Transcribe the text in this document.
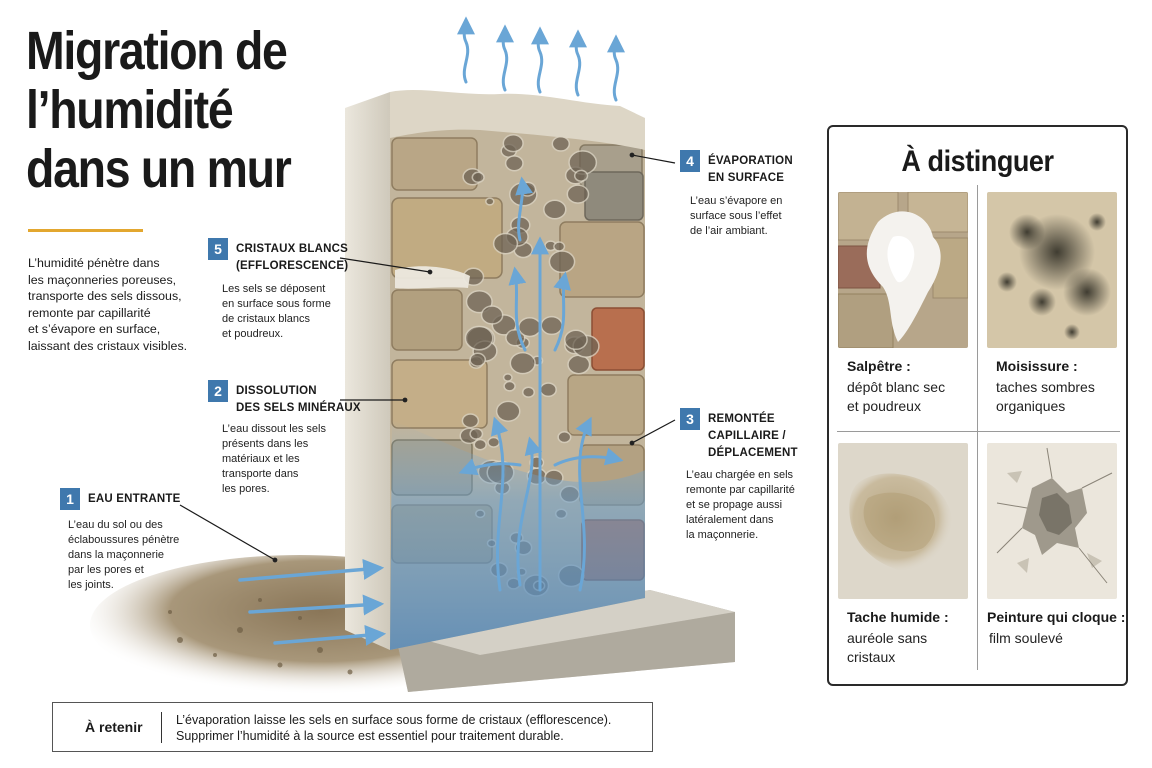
Migration de
l’humidité
dans un mur
L’humidité pénètre dans
les maçonneries poreuses,
transporte des sels dissous,
remonte par capillarité
et s’évapore en surface,
laissant des cristaux visibles.
1	EAU ENTRANTE
L’eau du sol ou des
éclaboussures pénètre
dans la maçonnerie
par les pores et
les joints.
2	DISSOLUTION
DES SELS MINÉRAUX
L’eau dissout les sels
présents dans les
matériaux et les
transporte dans
les pores.
3	REMONTÉE
CAPILLAIRE /
DÉPLACEMENT
L’eau chargée en sels
remonte par capillarité
et se propage aussi
latéralement dans
la maçonnerie.
4	ÉVAPORATION
EN SURFACE
L’eau s’évapore en
surface sous l’effet
de l’air ambiant.
5	CRISTAUX BLANCS
(EFFLORESCENCE)
Les sels se déposent
en surface sous forme
de cristaux blancs
et poudreux.
À distinguer
Salpêtre :
dépôt blanc sec
et poudreux
Moisissure :
taches sombres
organiques
Tache humide :
auréole sans
cristaux
Peinture qui cloque :
film soulevé
À retenir	L’évaporation laisse les sels en surface sous forme de cristaux (efflorescence).
Supprimer l’humidité à la source est essentiel pour traitement durable.
